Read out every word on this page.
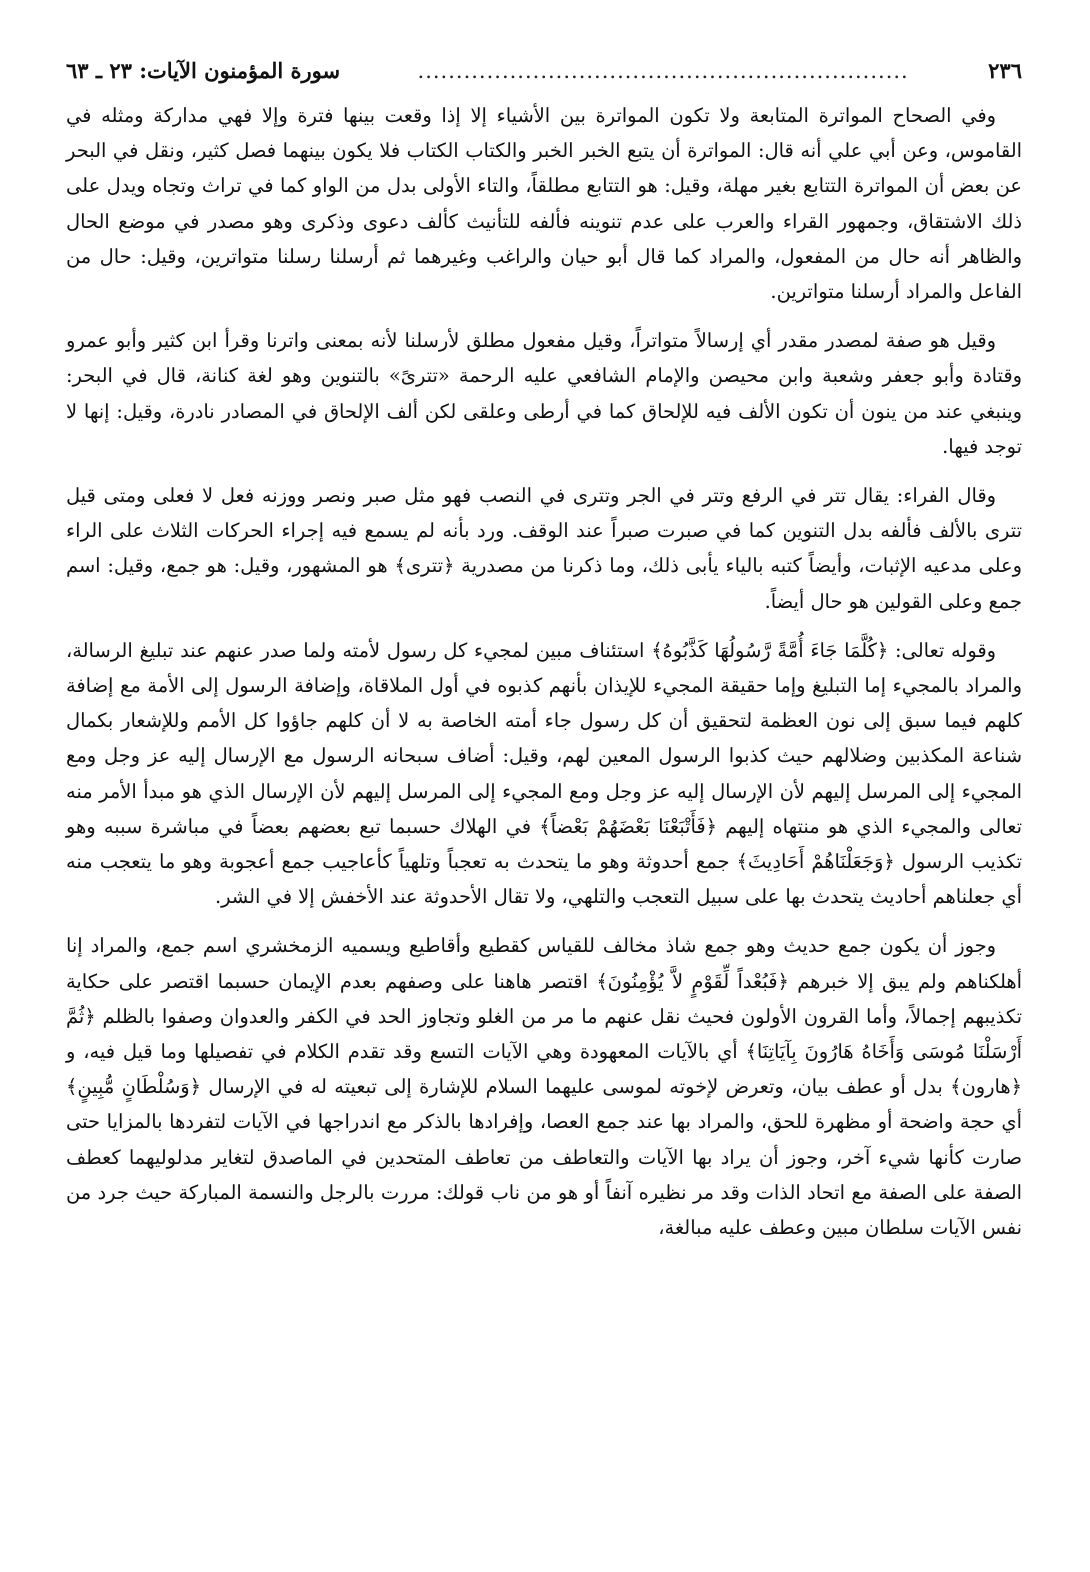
٢٣٦
................................................................
سورة المؤمنون الآيات: ٢٣ ـ ٦٣

وفي الصحاح المواترة المتابعة ولا تكون المواترة بين الأشياء إلا إذا وقعت بينها فترة وإلا فهي مداركة ومثله في القاموس، وعن أبي علي أنه قال: المواترة أن يتبع الخبر الخبر والكتاب الكتاب فلا يكون بينهما فصل كثير، ونقل في البحر عن بعض أن المواترة التتابع بغير مهلة، وقيل: هو التتابع مطلقاً، والتاء الأولى بدل من الواو كما في تراث وتجاه ويدل على ذلك الاشتقاق، وجمهور القراء والعرب على عدم تنوينه فألفه للتأنيث كألف دعوى وذكرى وهو مصدر في موضع الحال والظاهر أنه حال من المفعول، والمراد كما قال أبو حيان والراغب وغيرهما ثم أرسلنا رسلنا متواترين، وقيل: حال من الفاعل والمراد أرسلنا متواترين.

وقيل هو صفة لمصدر مقدر أي إرسالاً متواتراً، وقيل مفعول مطلق لأرسلنا لأنه بمعنى واترنا وقرأ ابن كثير وأبو عمرو وقتادة وأبو جعفر وشعبة وابن محيصن والإمام الشافعي عليه الرحمة «تترىً» بالتنوين وهو لغة كنانة، قال في البحر: وينبغي عند من ينون أن تكون الألف فيه للإلحاق كما في أرطى وعلقى لكن ألف الإلحاق في المصادر نادرة، وقيل: إنها لا توجد فيها.

وقال الفراء: يقال تتر في الرفع وتتر في الجر وتترى في النصب فهو مثل صبر ونصر ووزنه فعل لا فعلى ومتى قيل تترى بالألف فألفه بدل التنوين كما في صبرت صبراً عند الوقف. ورد بأنه لم يسمع فيه إجراء الحركات الثلاث على الراء وعلى مدعيه الإثبات، وأيضاً كتبه بالياء يأبى ذلك، وما ذكرنا من مصدرية ﴿تترى﴾ هو المشهور، وقيل: هو جمع، وقيل: اسم جمع وعلى القولين هو حال أيضاً.

وقوله تعالى: ﴿كُلَّمَا جَاءَ أُمَّةً رَّسُولُهَا كَذَّبُوهُ﴾ استئناف مبين لمجيء كل رسول لأمته ولما صدر عنهم عند تبليغ الرسالة، والمراد بالمجيء إما التبليغ وإما حقيقة المجيء للإيذان بأنهم كذبوه في أول الملاقاة، وإضافة الرسول إلى الأمة مع إضافة كلهم فيما سبق إلى نون العظمة لتحقيق أن كل رسول جاء أمته الخاصة به لا أن كلهم جاؤوا كل الأمم وللإشعار بكمال شناعة المكذبين وضلالهم حيث كذبوا الرسول المعين لهم، وقيل: أضاف سبحانه الرسول مع الإرسال إليه عز وجل ومع المجيء إلى المرسل إليهم لأن الإرسال إليه عز وجل ومع المجيء إلى المرسل إليهم لأن الإرسال الذي هو مبدأ الأمر منه تعالى والمجيء الذي هو منتهاه إليهم ﴿فَأَتْبَعْنَا بَعْضَهُمْ بَعْضاً﴾ في الهلاك حسبما تبع بعضهم بعضاً في مباشرة سببه وهو تكذيب الرسول ﴿وَجَعَلْنَاهُمْ أَحَادِيثَ﴾ جمع أحدوثة وهو ما يتحدث به تعجباً وتلهياً كأعاجيب جمع أعجوبة وهو ما يتعجب منه أي جعلناهم أحاديث يتحدث بها على سبيل التعجب والتلهي، ولا تقال الأحدوثة عند الأخفش إلا في الشر.

وجوز أن يكون جمع حديث وهو جمع شاذ مخالف للقياس كقطيع وأقاطيع ويسميه الزمخشري اسم جمع، والمراد إنا أهلكناهم ولم يبق إلا خبرهم ﴿فَبُعْداً لِّقَوْمٍ لاَّ يُؤْمِنُونَ﴾ اقتصر هاهنا على وصفهم بعدم الإيمان حسبما اقتصر على حكاية تكذيبهم إجمالاً، وأما القرون الأولون فحيث نقل عنهم ما مر من الغلو وتجاوز الحد في الكفر والعدوان وصفوا بالظلم ﴿ثُمَّ أَرْسَلْنَا مُوسَى وَأَخَاهُ هَارُونَ بِآيَاتِنَا﴾ أي بالآيات المعهودة وهي الآيات التسع وقد تقدم الكلام في تفصيلها وما قيل فيه، و ﴿هارون﴾ بدل أو عطف بيان، وتعرض لإخوته لموسى عليهما السلام للإشارة إلى تبعيته له في الإرسال ﴿وَسُلْطَانٍ مُّبِينٍ﴾ أي حجة واضحة أو مظهرة للحق، والمراد بها عند جمع العصا، وإفرادها بالذكر مع اندراجها في الآيات لتفردها بالمزايا حتى صارت كأنها شيء آخر، وجوز أن يراد بها الآيات والتعاطف من تعاطف المتحدين في الماصدق لتغاير مدلوليهما كعطف الصفة على الصفة مع اتحاد الذات وقد مر نظيره آنفاً أو هو من ناب قولك: مررت بالرجل والنسمة المباركة حيث جرد من نفس الآيات سلطان مبين وعطف عليه مبالغة،
